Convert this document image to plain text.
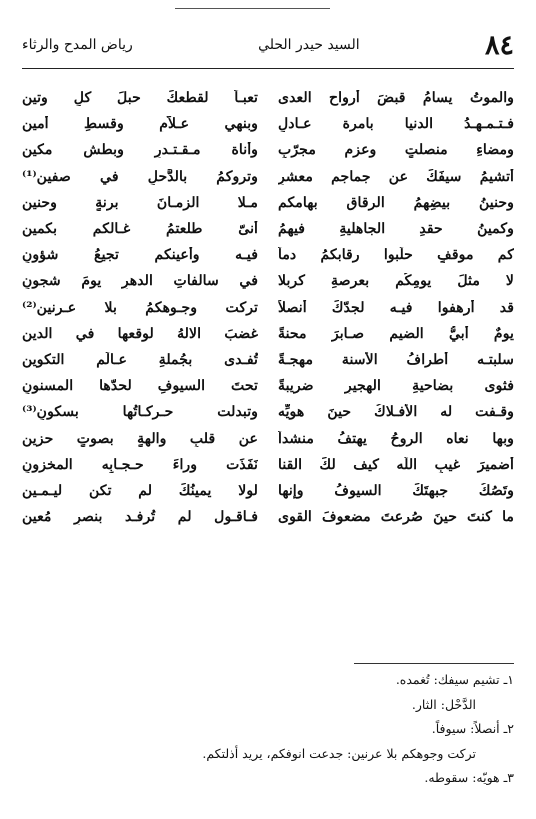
٨٤
السيد حيدر الحلي
رياض المدح والرثاء
والموتُ يسامُ قبضَ أرواحِ العدى
تعبـاً لقطعكَ حبلَ كلٍ وتينِ
فـتـمـهـدُ الدنيا بامرة عـادلٍ
وبنهيِ عـلاّمٍ وقسطِ أمينِ
ومضاءِ منصلتٍ وعزمِ مجرّبٍ
وأناة مـقـتـدرٍ وبطشِ مكينِ
أتشيمُ سيفَكَ عن جماجمِ معشرٍ
وتروكمُ بالدَّحلِ في صفينِ⁽¹⁾
وحنينُ بيضِهمُ الرقاقِ بهامكم
مـلا الزمـانَ برنةٍ وحنينِ
وكمينُ حقدِ الجاهليةِ فيهمُ
أنىّ طلعتمُ غـالكم بكمينِ
كم موقفٍ حلّبوا رقابكمُ دماً
فيـه وأعينكم تجيعُ شؤونِ
لا مثلَ يومِكُم بعرصةِ كربلا
في سالفاتِ الدهرِ يومَ شجونِ
قد أرهفوا فيـه لجدّكَ أنصلاً
تركت وجـوهكمُ بلا عـرنينِ⁽²⁾
يومٌ أبيُّ الضيمِ صـابرَ محنةً
غضبَ الالهُ لوقعها في الدينِ
سلبتـه أطرافُ الأسنة مهجـةً
تُفـدى بجُملةِ عـالَمِ التكوينِ
فثوى بضاحيةِ الهجيرِ ضريبةً
تحتَ السيوفِ لحدّها المسنونِ
وقـفت له الأفـلاكُ حينَ هويِّه
وتبدلت حـركـاتُها بسكونِ⁽³⁾
وبها نعاه الروحُ يهتفُ منشداً
عن قلبِ والهةٍ بصوتٍ حزينِ
أضميرَ غيبِ اللّه كيف لكَ القنا
نَفَذَت وراءَ حـجـابِه المخزونِ
وتَصُكُ جبهتَكَ السيوفُ وإنها
لولا يمينُكَ لم تكن ليـمـينِ
ما كنتَ حينَ صُرعتَ مضعوفَ القوى
فـاقـول لم تُرفـد بنصرِ مُعينِ
١ـ تشيم سيفك: تُغمده.
الدَّحْل: الثار.
٢ـ أنصلاً: سيوفاً.
تركت وجوهكم بلا عرنين: جدعت انوفكم، يريد أذلتكم.
٣ـ هويّه: سقوطه.
